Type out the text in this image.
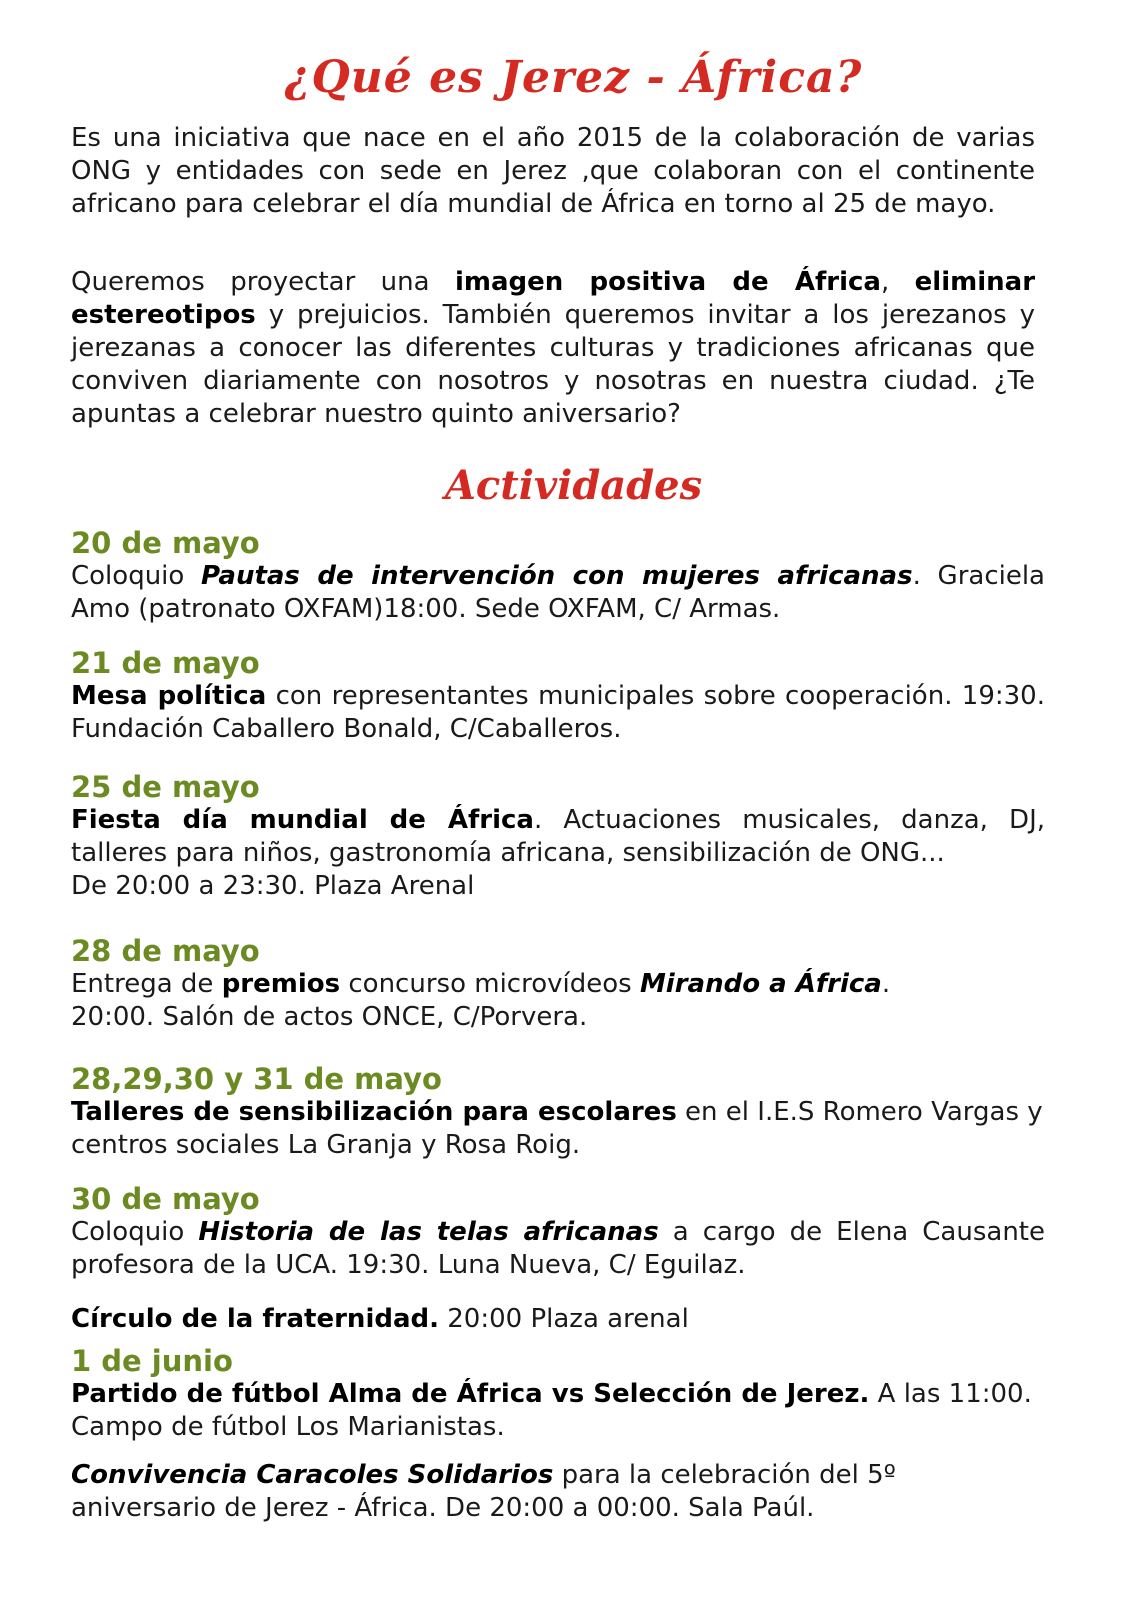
¿Qué es Jerez - África?

Es una iniciativa que nace en el año 2015 de la colaboración de varias ONG y entidades con sede en Jerez ,que colaboran con el continente africano para celebrar el día mundial de África en torno al 25 de mayo.

Queremos proyectar una imagen positiva de África, eliminar estereotipos y prejuicios. También queremos invitar a los jerezanos y jerezanas a conocer las diferentes culturas y tradiciones africanas que conviven diariamente con nosotros y nosotras en nuestra ciudad. ¿Te apuntas a celebrar nuestro quinto aniversario?

Actividades
20 de mayo
Coloquio Pautas de intervención con mujeres africanas. Graciela Amo (patronato OXFAM)18:00. Sede OXFAM, C/ Armas.
21 de mayo
Mesa política con representantes municipales sobre cooperación. 19:30. Fundación Caballero Bonald, C/Caballeros.
25 de mayo
Fiesta día mundial de África. Actuaciones musicales, danza, DJ, talleres para niños, gastronomía africana, sensibilización de ONG...
De 20:00 a 23:30. Plaza Arenal
28 de mayo
Entrega de premios concurso microvídeos Mirando a África.
20:00. Salón de actos ONCE, C/Porvera.
28,29,30 y 31 de mayo
Talleres de sensibilización para escolares en el I.E.S Romero Vargas y centros sociales La Granja y Rosa Roig.
30 de mayo
Coloquio Historia de las telas africanas a cargo de Elena Causante profesora de la UCA. 19:30. Luna Nueva, C/ Eguilaz.
Círculo de la fraternidad. 20:00 Plaza arenal
1 de junio
Partido de fútbol Alma de África vs Selección de Jerez. A las 11:00.
Campo de fútbol Los Marianistas.
Convivencia Caracoles Solidarios para la celebración del 5º
aniversario de Jerez - África. De 20:00 a 00:00. Sala Paúl.
